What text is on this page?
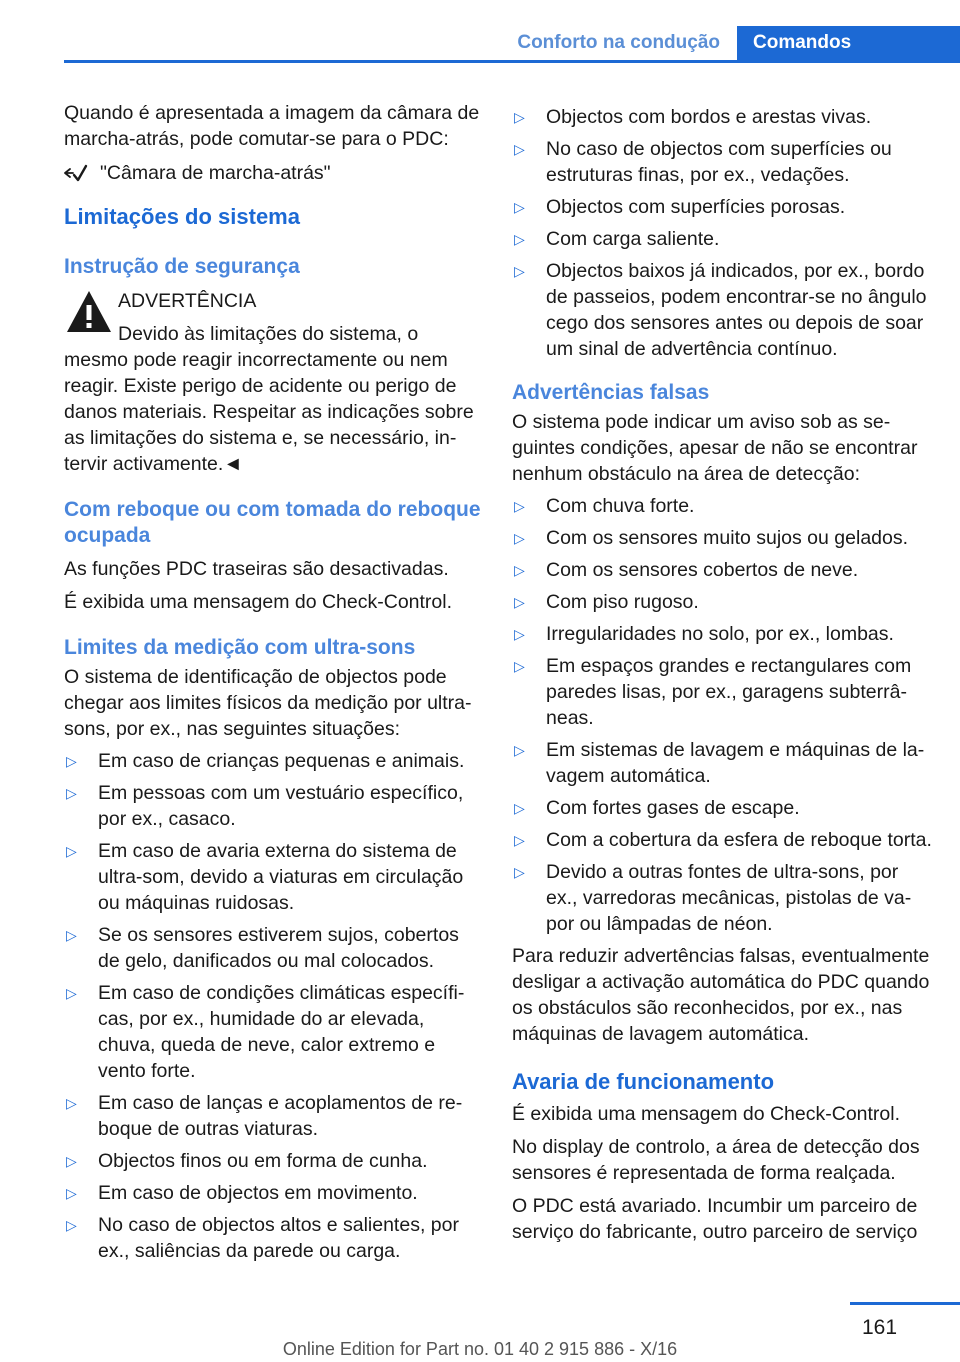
Conforto na condução	Comandos

Quando é apresentada a imagem da câmara de marcha-atrás, pode comutar-se para o PDC:

"Câmara de marcha-atrás"
Limitações do sistema
Instrução de segurança
ADVERTÊNCIA
Devido às limitações do sistema, o
mesmo pode reagir incorrectamente ou nem reagir. Existe perigo de acidente ou perigo de danos materiais. Respeitar as indicações sobre as limitações do sistema e, se necessário, intervir activamente.◄
Com reboque ou com tomada do reboque ocupada

As funções PDC traseiras são desactivadas.

É exibida uma mensagem do Check-Control.

Limites da medição com ultra-sons

O sistema de identificação de objectos pode chegar aos limites físicos da medição por ultra-sons, por ex., nas seguintes situações:

▷ Em caso de crianças pequenas e animais.
▷ Em pessoas com um vestuário específico, por ex., casaco.
▷ Em caso de avaria externa do sistema de ultra-som, devido a viaturas em circulação ou máquinas ruidosas.
▷ Se os sensores estiverem sujos, cobertos de gelo, danificados ou mal colocados.
▷ Em caso de condições climáticas específicas, por ex., humidade do ar elevada, chuva, queda de neve, calor extremo e vento forte.
▷ Em caso de lanças e acoplamentos de reboque de outras viaturas.
▷ Objectos finos ou em forma de cunha.
▷ Em caso de objectos em movimento.
▷ No caso de objectos altos e salientes, por ex., saliências da parede ou carga.
▷ Objectos com bordos e arestas vivas.
▷ No caso de objectos com superfícies ou estruturas finas, por ex., vedações.
▷ Objectos com superfícies porosas.
▷ Com carga saliente.
▷ Objectos baixos já indicados, por ex., bordo de passeios, podem encontrar-se no ângulo cego dos sensores antes ou depois de soar um sinal de advertência contínuo.
Advertências falsas

O sistema pode indicar um aviso sob as seguintes condições, apesar de não se encontrar nenhum obstáculo na área de detecção:

▷ Com chuva forte.
▷ Com os sensores muito sujos ou gelados.
▷ Com os sensores cobertos de neve.
▷ Com piso rugoso.
▷ Irregularidades no solo, por ex., lombas.
▷ Em espaços grandes e rectangulares com paredes lisas, por ex., garagens subterrâneas.
▷ Em sistemas de lavagem e máquinas de lavagem automática.
▷ Com fortes gases de escape.
▷ Com a cobertura da esfera de reboque torta.
▷ Devido a outras fontes de ultra-sons, por ex., varredoras mecânicas, pistolas de vapor ou lâmpadas de néon.

Para reduzir advertências falsas, eventualmente desligar a activação automática do PDC quando os obstáculos são reconhecidos, por ex., nas máquinas de lavagem automática.

Avaria de funcionamento

É exibida uma mensagem do Check-Control.

No display de controlo, a área de detecção dos sensores é representada de forma realçada.

O PDC está avariado. Incumbir um parceiro de serviço do fabricante, outro parceiro de serviço

161
Online Edition for Part no. 01 40 2 915 886 - X/16
